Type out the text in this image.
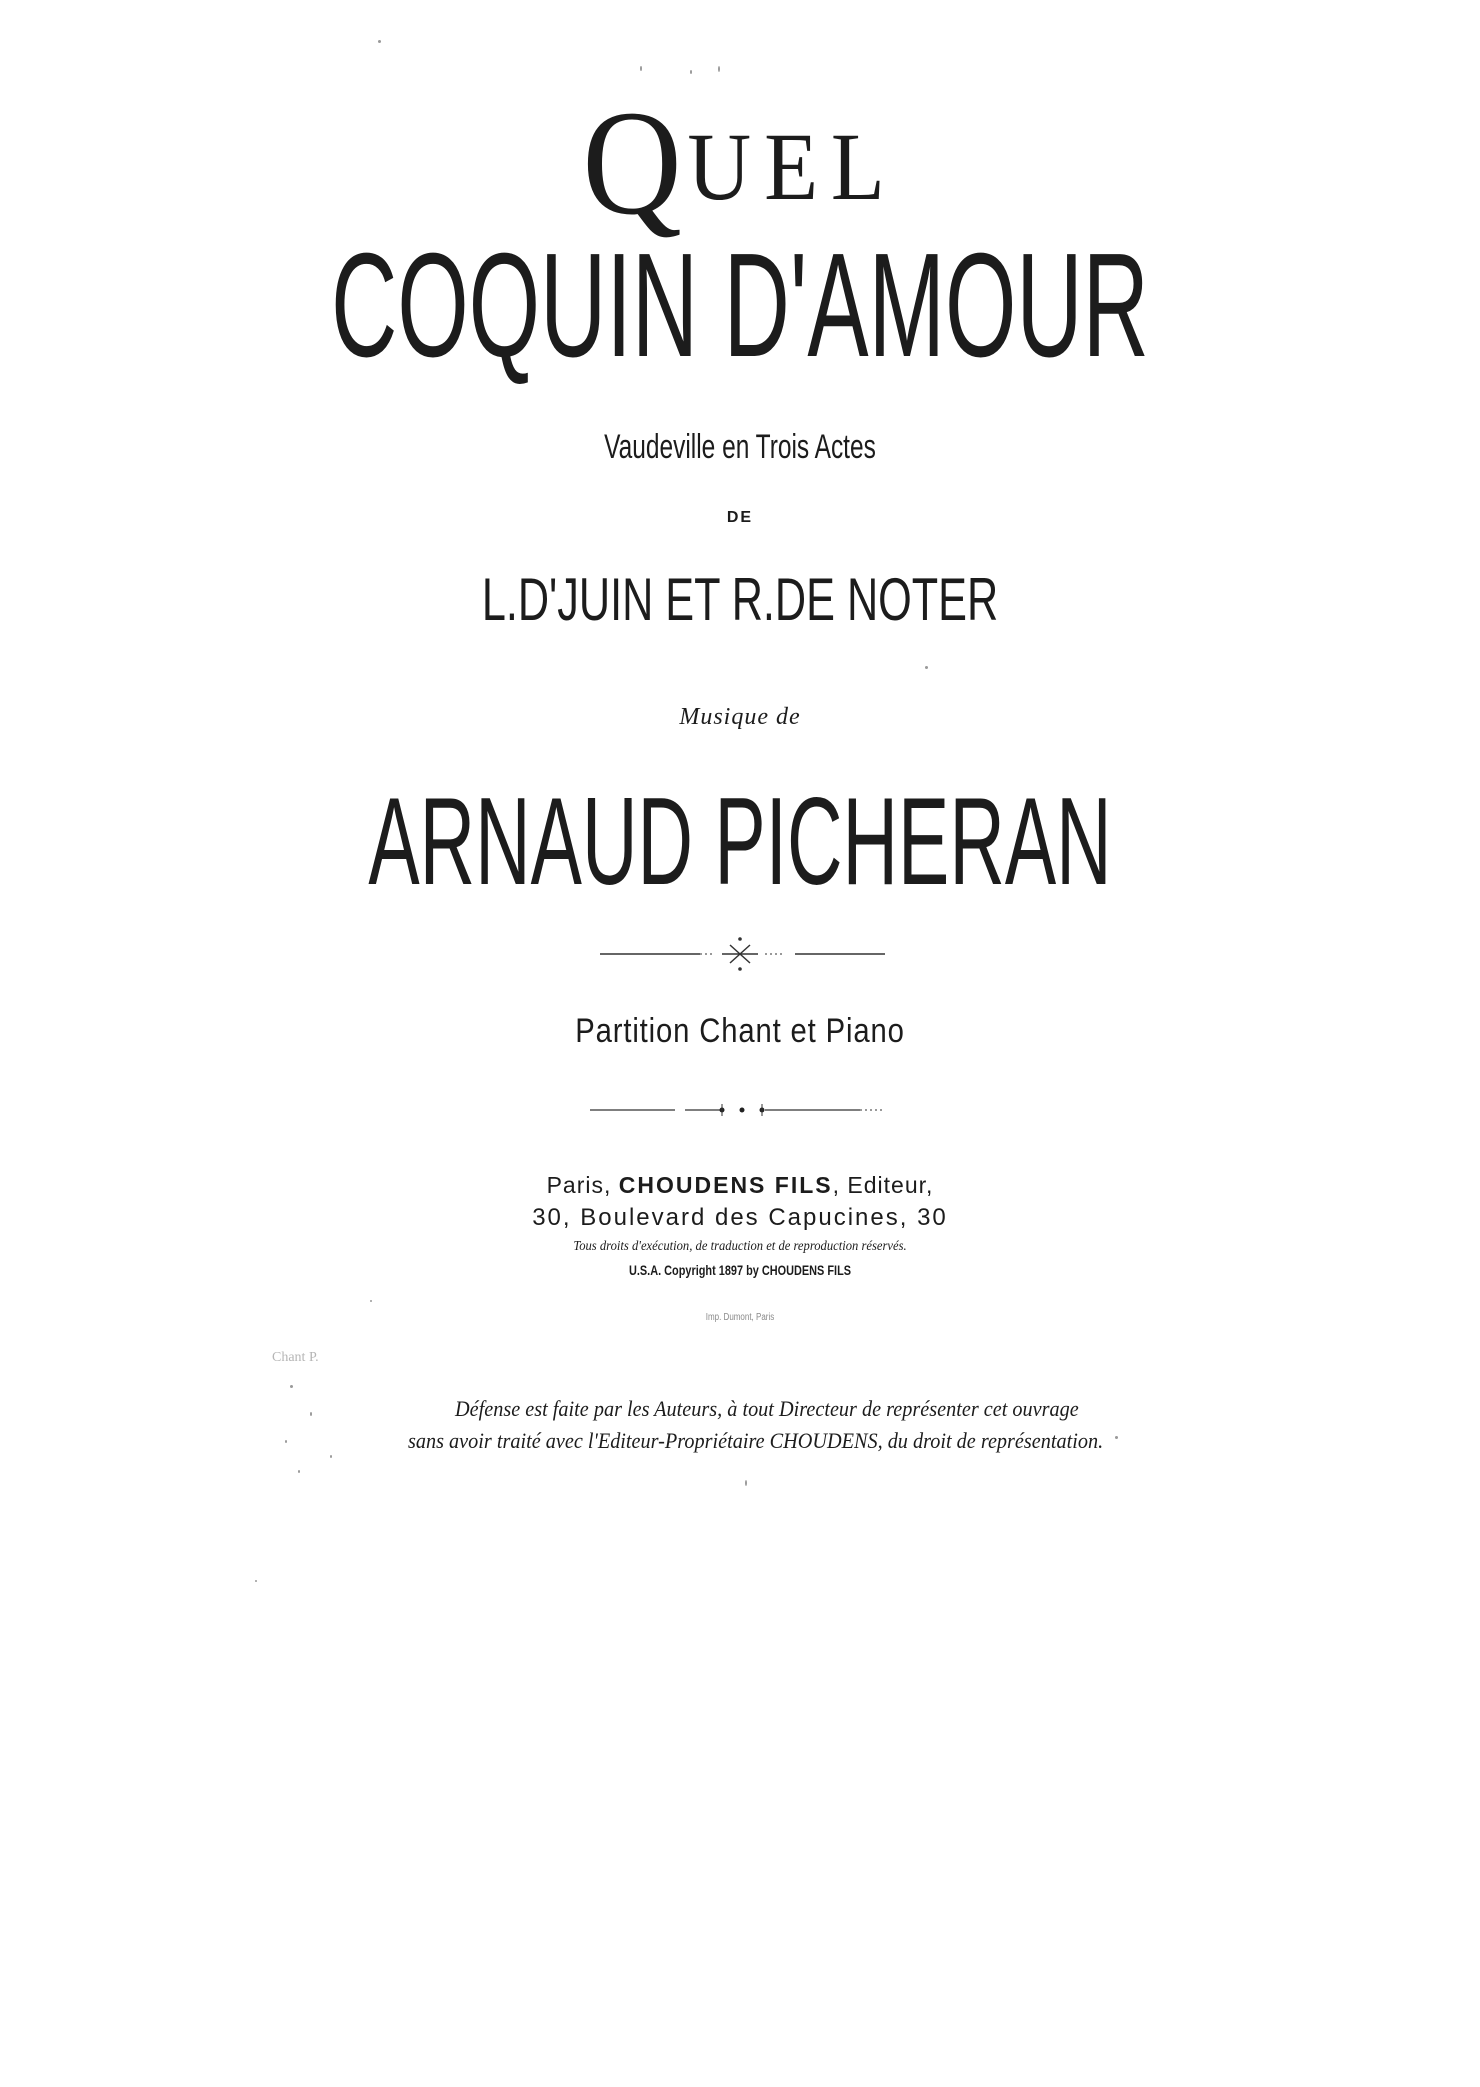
QUEL
COQUIN D'AMOUR
Vaudeville en Trois Actes
DE
L.D'JUIN ET R.DE NOTER
Musique de
ARNAUD PICHERAN
Partition Chant et Piano
Paris, CHOUDENS FILS, Editeur,
30, Boulevard des Capucines, 30
Tous droits d'exécution, de traduction et de reproduction réservés.
U.S.A. Copyright 1897 by CHOUDENS FILS
Imp. Dumont, Paris
Chant P.
Défense est faite par les Auteurs, à tout Directeur de représenter cet ouvrage
sans avoir traité avec l'Editeur-Propriétaire CHOUDENS, du droit de représentation.
